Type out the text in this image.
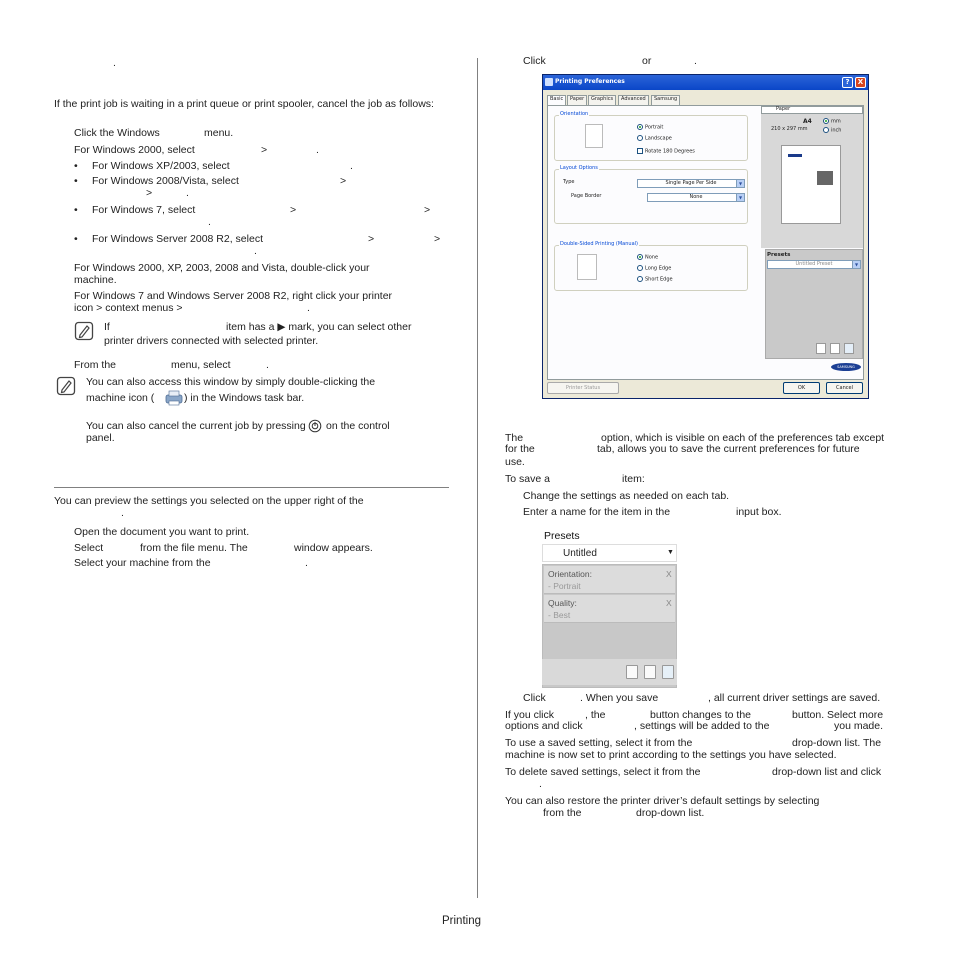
.
If the print job is waiting in a print queue or print spooler, cancel the job as follows:
Click the Windows	menu.
For Windows 2000, select	>	.
• For Windows XP/2003, select	.
• For Windows 2008/Vista, select	>
>	.
• For Windows 7, select	>	>
.
• For Windows Server 2008 R2, select	>	>
.
For Windows 2000, XP, 2003, 2008 and Vista, double-click your
machine.
For Windows 7 and Windows Server 2008 R2, right click your printer
icon > context menus >	.
If	item has a ▶ mark, you can select other
printer drivers connected with selected printer.
From the	menu, select	.
You can also access this window by simply double-clicking the
machine icon (	) in the Windows task bar.
You can also cancel the current job by pressing on the control
panel.
You can preview the settings you selected on the upper right of the
.
Open the document you want to print.
Select	from the file menu. The	window appears.
Select your machine from the	.
Click	or	.
Printing Preferences	?	X
Basic	Paper	Graphics	Advanced	Samsung
Orientation
Portrait
Landscape
Rotate 180 Degrees
Layout Options
Type	Single Page Per Side	▼
Page Border	None	▼
Double-Sided Printing (Manual)
None
Long Edge
Short Edge
Paper
A4
210 x 297 mm
mm
inch
Presets
Untitled Preset	▼
SAMSUNG
Printer Status	OK	Cancel
The	option, which is visible on each of the preferences tab except
for the	tab, allows you to save the current preferences for future
use.
To save a	item:
Change the settings as needed on each tab.
Enter a name for the item in the	input box.
Presets
Untitled	▼
Orientation:
- Portrait
X
Quality:
- Best
X
Click	. When you save	, all current driver settings are saved.
If you click	, the	button changes to the	button. Select more
options and click	, settings will be added to the	you made.
To use a saved setting, select it from the	drop-down list. The
machine is now set to print according to the settings you have selected.
To delete saved settings, select it from the	drop-down list and click
.
You can also restore the printer driver’s default settings by selecting
from the	drop-down list.
Printing
